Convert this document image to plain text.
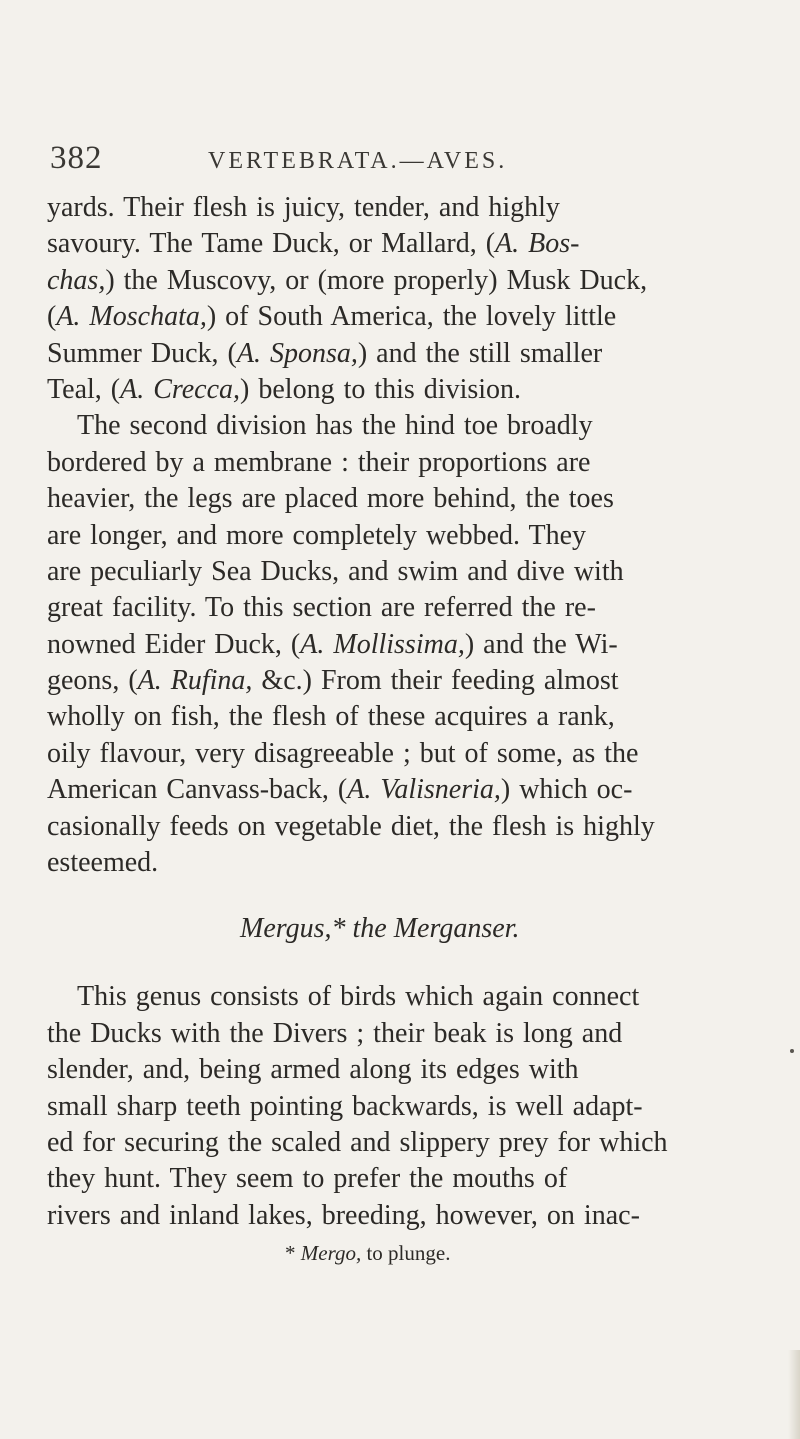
382	VERTEBRATA.—AVES.
yards. Their flesh is juicy, tender, and highly
savoury. The Tame Duck, or Mallard, (A. Bos-
chas,) the Muscovy, or (more properly) Musk Duck,
(A. Moschata,) of South America, the lovely little
Summer Duck, (A. Sponsa,) and the still smaller
Teal, (A. Crecca,) belong to this division.
The second division has the hind toe broadly
bordered by a membrane : their proportions are
heavier, the legs are placed more behind, the toes
are longer, and more completely webbed. They
are peculiarly Sea Ducks, and swim and dive with
great facility. To this section are referred the re-
nowned Eider Duck, (A. Mollissima,) and the Wi-
geons, (A. Rufina, &c.) From their feeding almost
wholly on fish, the flesh of these acquires a rank,
oily flavour, very disagreeable ; but of some, as the
American Canvass-back, (A. Valisneria,) which oc-
casionally feeds on vegetable diet, the flesh is highly
esteemed.
Mergus,* the Merganser.
This genus consists of birds which again connect
the Ducks with the Divers ; their beak is long and
slender, and, being armed along its edges with
small sharp teeth pointing backwards, is well adapt-
ed for securing the scaled and slippery prey for which
they hunt. They seem to prefer the mouths of
rivers and inland lakes, breeding, however, on inac-
* Mergo, to plunge.
